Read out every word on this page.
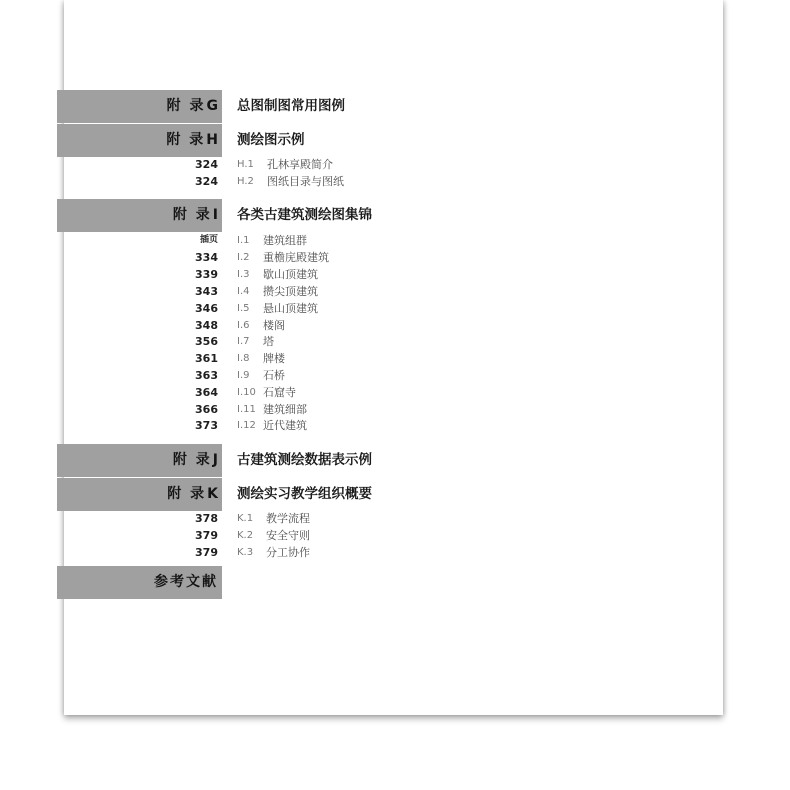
附 录G 总图制图常用图例
附 录H 测绘图示例
324 H.1 孔林享殿简介
324 H.2 图纸目录与图纸
附 录I 各类古建筑测绘图集锦
插页 I.1 建筑组群
334 I.2 重檐庑殿建筑
339 I.3 歇山顶建筑
343 I.4 攒尖顶建筑
346 I.5 悬山顶建筑
348 I.6 楼阁
356 I.7 塔
361 I.8 牌楼
363 I.9 石桥
364 I.10 石窟寺
366 I.11 建筑细部
373 I.12 近代建筑
附 录J 古建筑测绘数据表示例
附 录K 测绘实习教学组织概要
378 K.1 教学流程
379 K.2 安全守则
379 K.3 分工协作
参考文献
